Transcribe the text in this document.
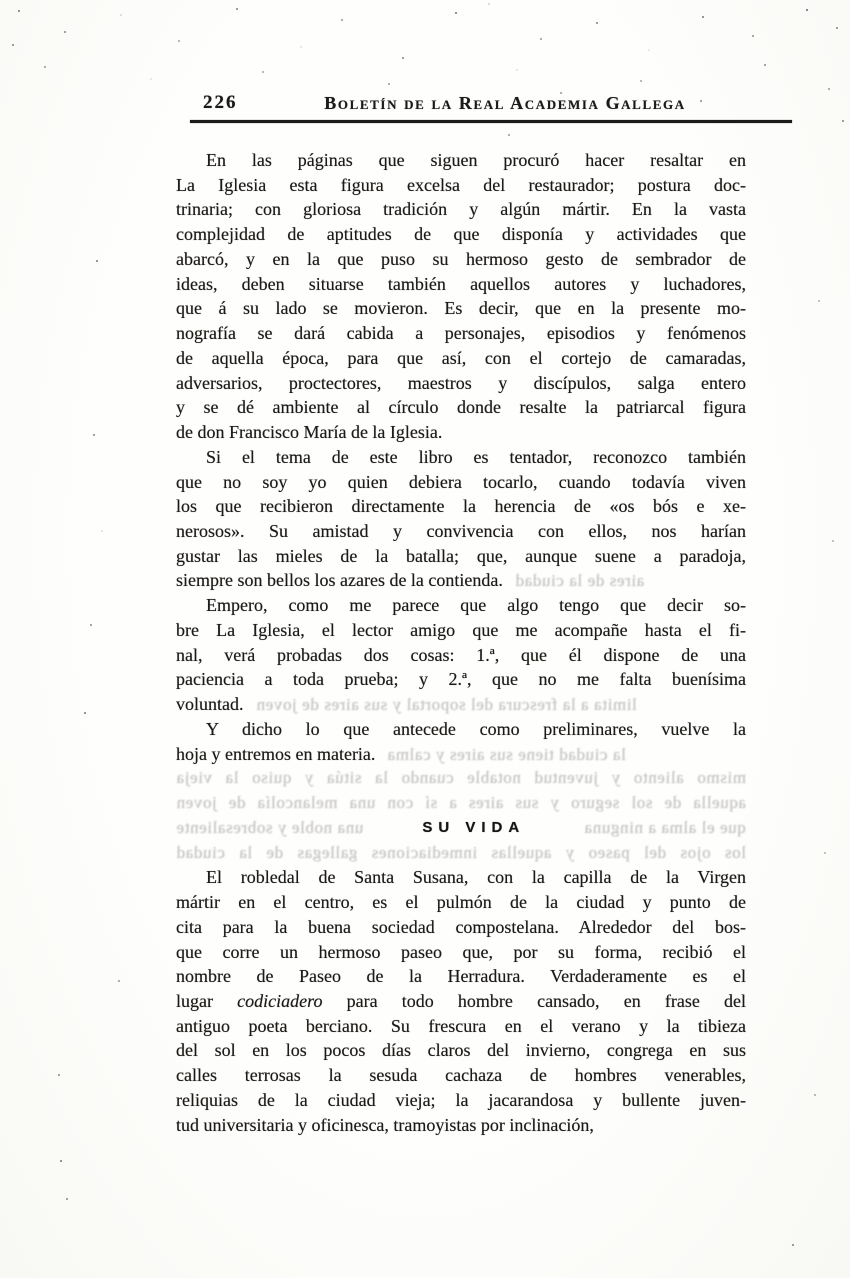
226	Boletín de la Real Academia Gallega
En las páginas que siguen procuró hacer resaltar en
La Iglesia esta figura excelsa del restaurador; postura doc-
trinaria; con gloriosa tradición y algún mártir. En la vasta
complejidad de aptitudes de que disponía y actividades que
abarcó, y en la que puso su hermoso gesto de sembrador de
ideas, deben situarse también aquellos autores y luchadores,
que á su lado se movieron. Es decir, que en la presente mo-
nografía se dará cabida a personajes, episodios y fenómenos
de aquella época, para que así, con el cortejo de camaradas,
adversarios, proctectores, maestros y discípulos, salga entero
y se dé ambiente al círculo donde resalte la patriarcal figura
de don Francisco María de la Iglesia.
Si el tema de este libro es tentador, reconozco también
que no soy yo quien debiera tocarlo, cuando todavía viven
los que recibieron directamente la herencia de «os bós e xe-
nerosos». Su amistad y convivencia con ellos, nos harían
gustar las mieles de la batalla; que, aunque suene a paradoja,
siempre son bellos los azares de la contienda. aires de la ciudad
Empero, como me parece que algo tengo que decir so-
bre La Iglesia, el lector amigo que me acompañe hasta el fi-
nal, verá probadas dos cosas: 1.ª, que él dispone de una
paciencia a toda prueba; y 2.ª, que no me falta buenísima
voluntad. limita a la frescura del soportal y sus aires de joven
Y dicho lo que antecede como preliminares, vuelve la
hoja y entremos en materia. la ciudad tiene sus aires y calma
mismo aliento y juventud notable cuando la sitúa y quiso la vieja
aquella de sol seguro y sus aires a sí con una melancolía de joven
una noble y sobresaliente	SU VIDA	que el alma a ninguna
los ojos del paseo y aquellas inmediaciones gallegas de la ciudad
El robledal de Santa Susana, con la capilla de la Virgen
mártir en el centro, es el pulmón de la ciudad y punto de
cita para la buena sociedad compostelana. Alrededor del bos-
que corre un hermoso paseo que, por su forma, recibió el
nombre de Paseo de la Herradura. Verdaderamente es el
lugar codiciadero para todo hombre cansado, en frase del
antiguo poeta berciano. Su frescura en el verano y la tibieza
del sol en los pocos días claros del invierno, congrega en sus
calles terrosas la sesuda cachaza de hombres venerables,
reliquias de la ciudad vieja; la jacarandosa y bullente juven-
tud universitaria y oficinesca, tramoyistas por inclinación,
